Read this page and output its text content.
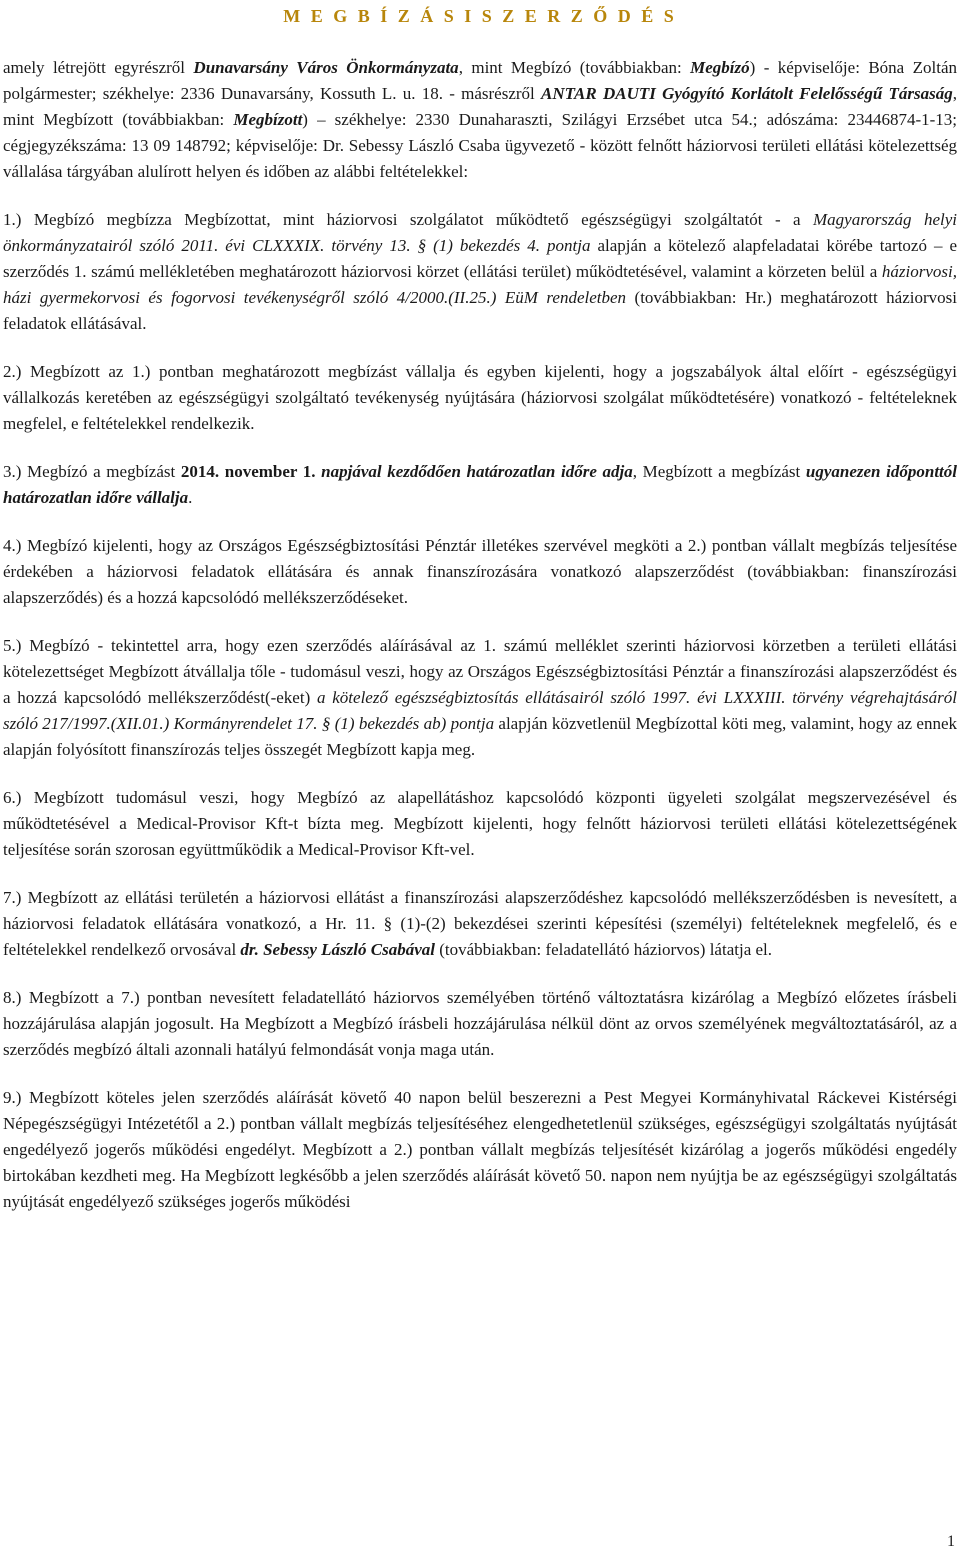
M E G B Í Z Á S I S Z E R Z Ő D É S

amely létrejött egyrészről Dunavarsány Város Önkormányzata, mint Megbízó (továbbiakban: Megbízó) - képviselője: Bóna Zoltán polgármester; székhelye: 2336 Dunavarsány, Kossuth L. u. 18. - másrészről ANTAR DAUTI Gyógyító Korlátolt Felelősségű Társaság, mint Megbízott (továbbiakban: Megbízott) – székhelye: 2330 Dunaharaszti, Szilágyi Erzsébet utca 54.; adószáma: 23446874-1-13; cégjegyzékszáma: 13 09 148792; képviselője: Dr. Sebessy László Csaba ügyvezető - között felnőtt háziorvosi területi ellátási kötelezettség vállalása tárgyában alulírott helyen és időben az alábbi feltételekkel:

1.) Megbízó megbízza Megbízottat, mint háziorvosi szolgálatot működtető egészségügyi szolgáltatót - a Magyarország helyi önkormányzatairól szóló 2011. évi CLXXXIX. törvény 13. § (1) bekezdés 4. pontja alapján a kötelező alapfeladatai körébe tartozó – e szerződés 1. számú mellékletében meghatározott háziorvosi körzet (ellátási terület) működtetésével, valamint a körzeten belül a háziorvosi, házi gyermekorvosi és fogorvosi tevékenységről szóló 4/2000.(II.25.) EüM rendeletben (továbbiakban: Hr.) meghatározott háziorvosi feladatok ellátásával.

2.) Megbízott az 1.) pontban meghatározott megbízást vállalja és egyben kijelenti, hogy a jogszabályok által előírt - egészségügyi vállalkozás keretében az egészségügyi szolgáltató tevékenység nyújtására (háziorvosi szolgálat működtetésére) vonatkozó - feltételeknek megfelel, e feltételekkel rendelkezik.

3.) Megbízó a megbízást 2014. november 1. napjával kezdődően határozatlan időre adja, Megbízott a megbízást ugyanezen időponttól határozatlan időre vállalja.

4.) Megbízó kijelenti, hogy az Országos Egészségbiztosítási Pénztár illetékes szervével megköti a 2.) pontban vállalt megbízás teljesítése érdekében a háziorvosi feladatok ellátására és annak finanszírozására vonatkozó alapszerződést (továbbiakban: finanszírozási alapszerződés) és a hozzá kapcsolódó mellékszerződéseket.

5.) Megbízó - tekintettel arra, hogy ezen szerződés aláírásával az 1. számú melléklet szerinti háziorvosi körzetben a területi ellátási kötelezettséget Megbízott átvállalja tőle - tudomásul veszi, hogy az Országos Egészségbiztosítási Pénztár a finanszírozási alapszerződést és a hozzá kapcsolódó mellékszerződést(-eket) a kötelező egészségbiztosítás ellátásairól szóló 1997. évi LXXXIII. törvény végrehajtásáról szóló 217/1997.(XII.01.) Kormányrendelet 17. § (1) bekezdés ab) pontja alapján közvetlenül Megbízottal köti meg, valamint, hogy az ennek alapján folyósított finanszírozás teljes összegét Megbízott kapja meg.

6.) Megbízott tudomásul veszi, hogy Megbízó az alapellátáshoz kapcsolódó központi ügyeleti szolgálat megszervezésével és működtetésével a Medical-Provisor Kft-t bízta meg. Megbízott kijelenti, hogy felnőtt háziorvosi területi ellátási kötelezettségének teljesítése során szorosan együttműködik a Medical-Provisor Kft-vel.

7.) Megbízott az ellátási területén a háziorvosi ellátást a finanszírozási alapszerződéshez kapcsolódó mellékszerződésben is nevesített, a háziorvosi feladatok ellátására vonatkozó, a Hr. 11. § (1)-(2) bekezdései szerinti képesítési (személyi) feltételeknek megfelelő, és e feltételekkel rendelkező orvosával dr. Sebessy László Csabával (továbbiakban: feladatellátó háziorvos) látatja el.

8.) Megbízott a 7.) pontban nevesített feladatellátó háziorvos személyében történő változtatásra kizárólag a Megbízó előzetes írásbeli hozzájárulása alapján jogosult. Ha Megbízott a Megbízó írásbeli hozzájárulása nélkül dönt az orvos személyének megváltoztatásáról, az a szerződés megbízó általi azonnali hatályú felmondását vonja maga után.

9.) Megbízott köteles jelen szerződés aláírását követő 40 napon belül beszerezni a Pest Megyei Kormányhivatal Ráckevei Kistérségi Népegészségügyi Intézetétől a 2.) pontban vállalt megbízás teljesítéséhez elengedhetetlenül szükséges, egészségügyi szolgáltatás nyújtását engedélyező jogerős működési engedélyt. Megbízott a 2.) pontban vállalt megbízás teljesítését kizárólag a jogerős működési engedély birtokában kezdheti meg. Ha Megbízott legkésőbb a jelen szerződés aláírását követő 50. napon nem nyújtja be az egészségügyi szolgáltatás nyújtását engedélyező szükséges jogerős működési

1
